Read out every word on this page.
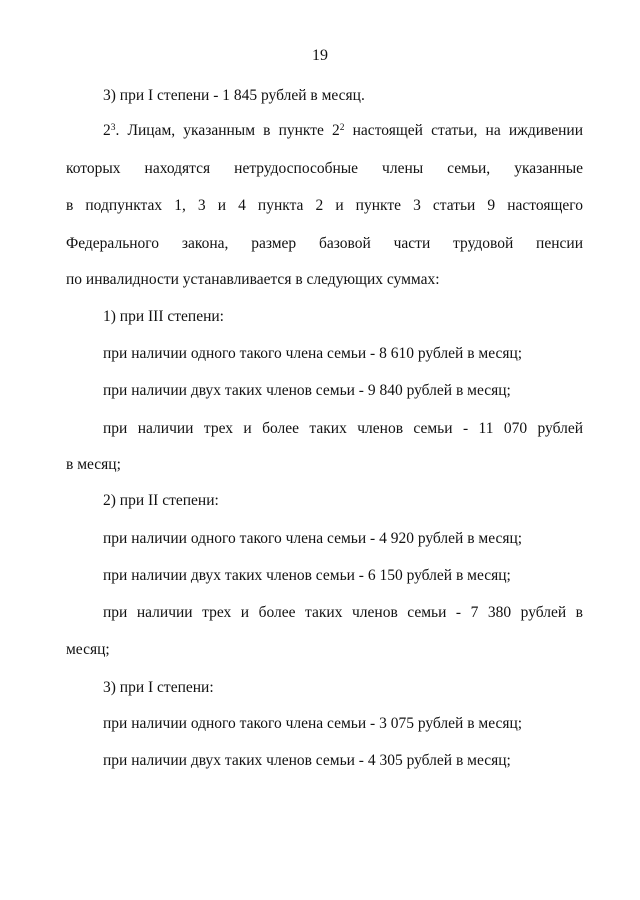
19
3) при I степени - 1 845 рублей в месяц.
$2^3$. Лицам, указанным в пункте $2^2$ настоящей статьи, на иждивении
которых находятся нетрудоспособные члены семьи, указанные
в подпунктах 1, 3 и 4 пункта 2 и пункте 3 статьи 9 настоящего
Федерального закона, размер базовой части трудовой пенсии
по инвалидности устанавливается в следующих суммах:
1) при III степени:
при наличии одного такого члена семьи - 8 610 рублей в месяц;
при наличии двух таких членов семьи - 9 840 рублей в месяц;
при наличии трех и более таких членов семьи - 11 070 рублей
в месяц;
2) при II степени:
при наличии одного такого члена семьи - 4 920 рублей в месяц;
при наличии двух таких членов семьи - 6 150 рублей в месяц;
при наличии трех и более таких членов семьи - 7 380 рублей в
месяц;
3) при I степени:
при наличии одного такого члена семьи - 3 075 рублей в месяц;
при наличии двух таких членов семьи - 4 305 рублей в месяц;
